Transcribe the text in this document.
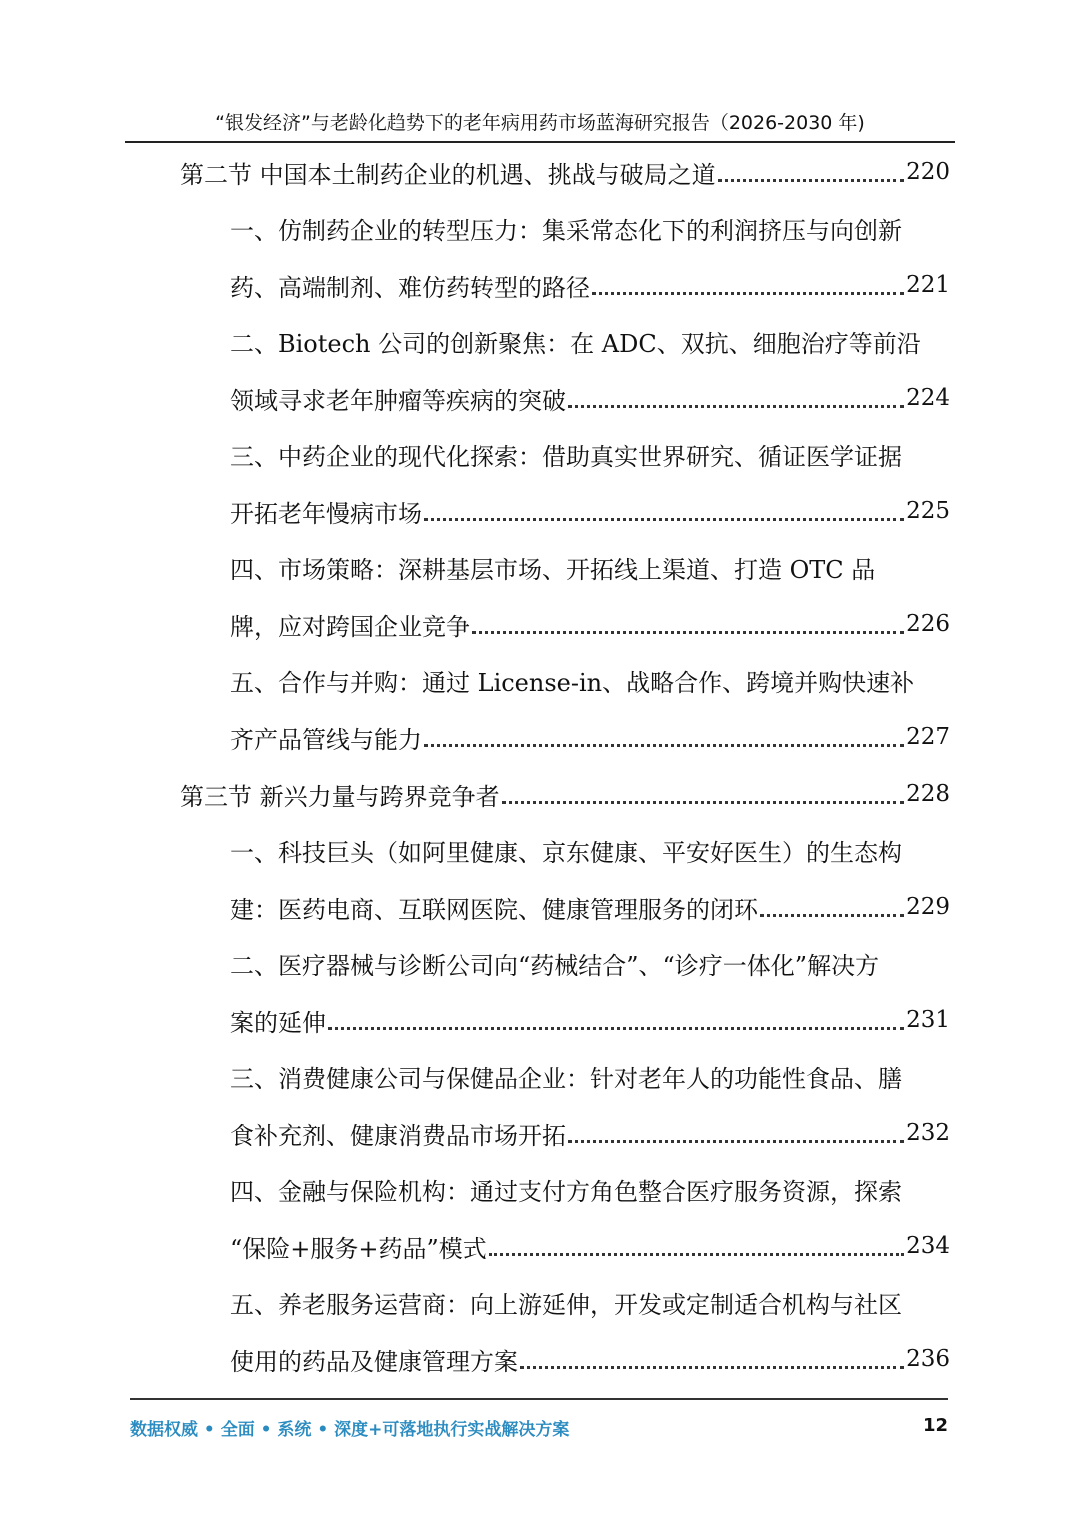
“银发经济”与老龄化趋势下的老年病用药市场蓝海研究报告（2026-2030 年)
第二节 中国本土制药企业的机遇、挑战与破局之道	220
一、仿制药企业的转型压力：集采常态化下的利润挤压与向创新
药、高端制剂、难仿药转型的路径	221
二、Biotech 公司的创新聚焦：在 ADC、双抗、细胞治疗等前沿
领域寻求老年肿瘤等疾病的突破	224
三、中药企业的现代化探索：借助真实世界研究、循证医学证据
开拓老年慢病市场	225
四、市场策略：深耕基层市场、开拓线上渠道、打造 OTC 品
牌，应对跨国企业竞争	226
五、合作与并购：通过 License-in、战略合作、跨境并购快速补
齐产品管线与能力	227
第三节 新兴力量与跨界竞争者	228
一、科技巨头（如阿里健康、京东健康、平安好医生）的生态构
建：医药电商、互联网医院、健康管理服务的闭环	229
二、医疗器械与诊断公司向“药械结合”、“诊疗一体化”解决方
案的延伸	231
三、消费健康公司与保健品企业：针对老年人的功能性食品、膳
食补充剂、健康消费品市场开拓	232
四、金融与保险机构：通过支付方角色整合医疗服务资源，探索
“保险+服务+药品”模式	234
五、养老服务运营商：向上游延伸，开发或定制适合机构与社区
使用的药品及健康管理方案	236
数据权威 • 全面 • 系统 • 深度+可落地执行实战解决方案	12
